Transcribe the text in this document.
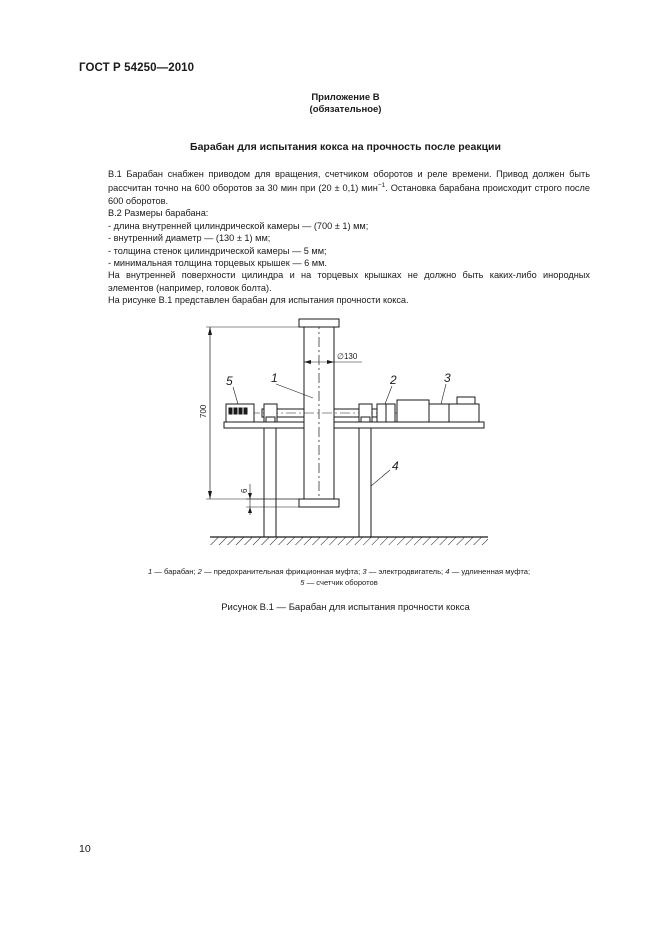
ГОСТ Р 54250—2010
Приложение В
(обязательное)
Барабан для испытания кокса на прочность после реакции

В.1 Барабан снабжен приводом для вращения, счетчиком оборотов и реле времени. Привод должен быть рассчитан точно на 600 оборотов за 30 мин при (20 ± 0,1) мин$^{-1}$. Остановка барабана происходит строго после 600 оборотов.

В.2 Размеры барабана:

- длина внутренней цилиндрической камеры — (700 ± 1) мм;

- внутренний диаметр — (130 ± 1) мм;

- толщина стенок цилиндрической камеры — 5 мм;

- минимальная толщина торцевых крышек — 6 мм.

На внутренней поверхности цилиндра и на торцевых крышках не должно быть каких-либо инородных элементов (например, головок болта).

На рисунке В.1 представлен барабан для испытания прочности кокса.

5	1	2	3
4
∅130
700
6
1 — барабан; 2 — предохранительная фрикционная муфта; 3 — электродвигатель; 4 — удлиненная муфта;
5 — счетчик оборотов
Рисунок В.1 — Барабан для испытания прочности кокса
10
